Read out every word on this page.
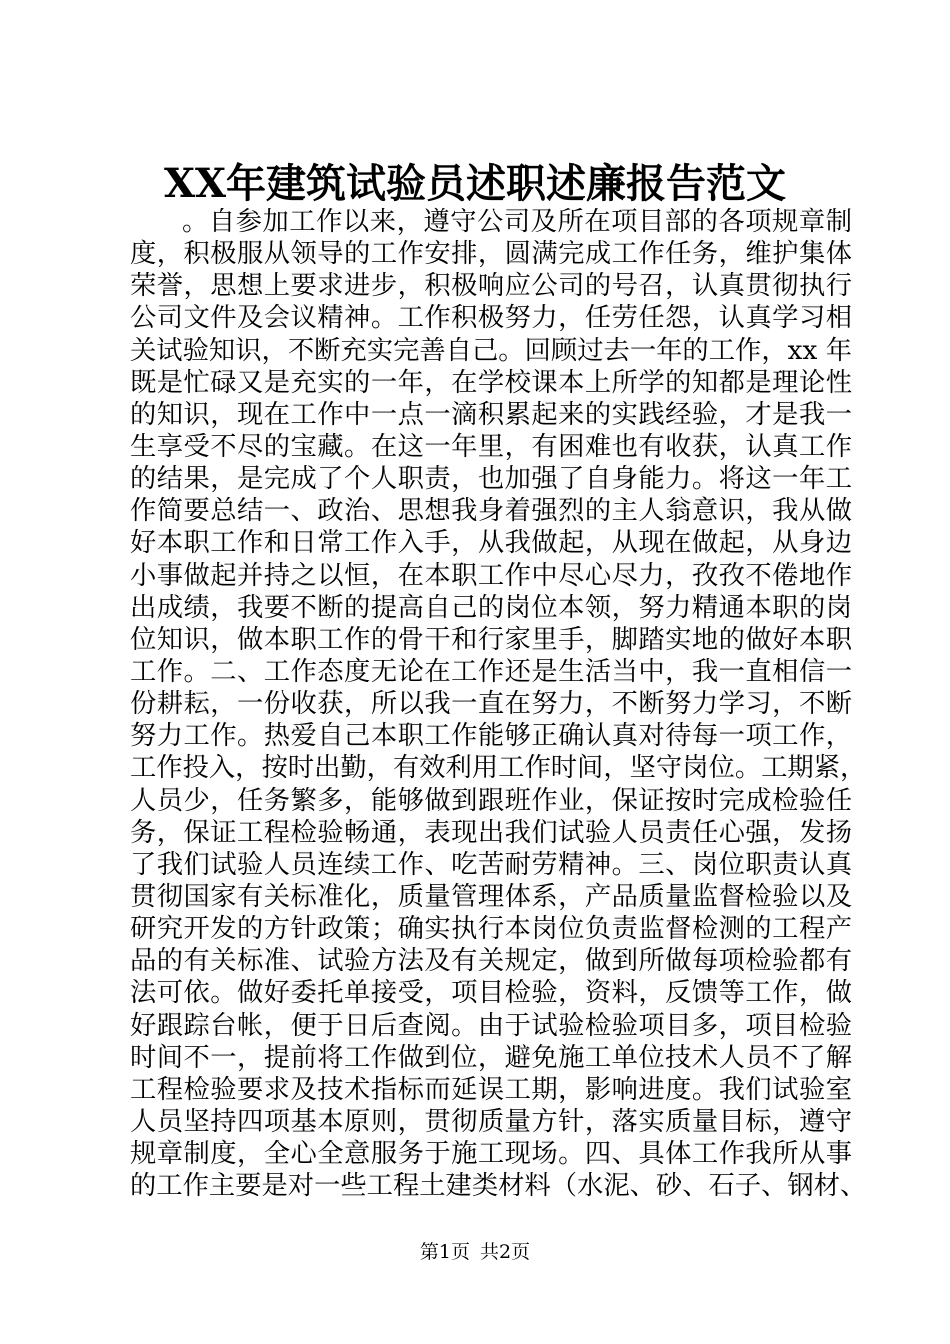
XX年建筑试验员述职述廉报告范文
。自参加工作以来，遵守公司及所在项目部的各项规章制
度，积极服从领导的工作安排，圆满完成工作任务，维护集体
荣誉，思想上要求进步，积极响应公司的号召，认真贯彻执行
公司文件及会议精神。工作积极努力，任劳任怨，认真学习相
关试验知识，不断充实完善自己。回顾过去一年的工作，xx 年
既是忙碌又是充实的一年，在学校课本上所学的知都是理论性
的知识，现在工作中一点一滴积累起来的实践经验，才是我一
生享受不尽的宝藏。在这一年里，有困难也有收获，认真工作
的结果，是完成了个人职责，也加强了自身能力。将这一年工
作简要总结一、政治、思想我身着强烈的主人翁意识，我从做
好本职工作和日常工作入手，从我做起，从现在做起，从身边
小事做起并持之以恒，在本职工作中尽心尽力，孜孜不倦地作
出成绩，我要不断的提高自己的岗位本领，努力精通本职的岗
位知识，做本职工作的骨干和行家里手，脚踏实地的做好本职
工作。二、工作态度无论在工作还是生活当中，我一直相信一
份耕耘，一份收获，所以我一直在努力，不断努力学习，不断
努力工作。热爱自己本职工作能够正确认真对待每一项工作，
工作投入，按时出勤，有效利用工作时间，坚守岗位。工期紧，
人员少，任务繁多，能够做到跟班作业，保证按时完成检验任
务，保证工程检验畅通，表现出我们试验人员责任心强，发扬
了我们试验人员连续工作、吃苦耐劳精神。三、岗位职责认真
贯彻国家有关标准化，质量管理体系，产品质量监督检验以及
研究开发的方针政策；确实执行本岗位负责监督检测的工程产
品的有关标准、试验方法及有关规定，做到所做每项检验都有
法可依。做好委托单接受，项目检验，资料，反馈等工作，做
好跟踪台帐，便于日后查阅。由于试验检验项目多，项目检验
时间不一，提前将工作做到位，避免施工单位技术人员不了解
工程检验要求及技术指标而延误工期，影响进度。我们试验室
人员坚持四项基本原则，贯彻质量方针，落实质量目标，遵守
规章制度，全心全意服务于施工现场。四、具体工作我所从事
的工作主要是对一些工程土建类材料（水泥、砂、石子、钢材、
第1页 共2页
